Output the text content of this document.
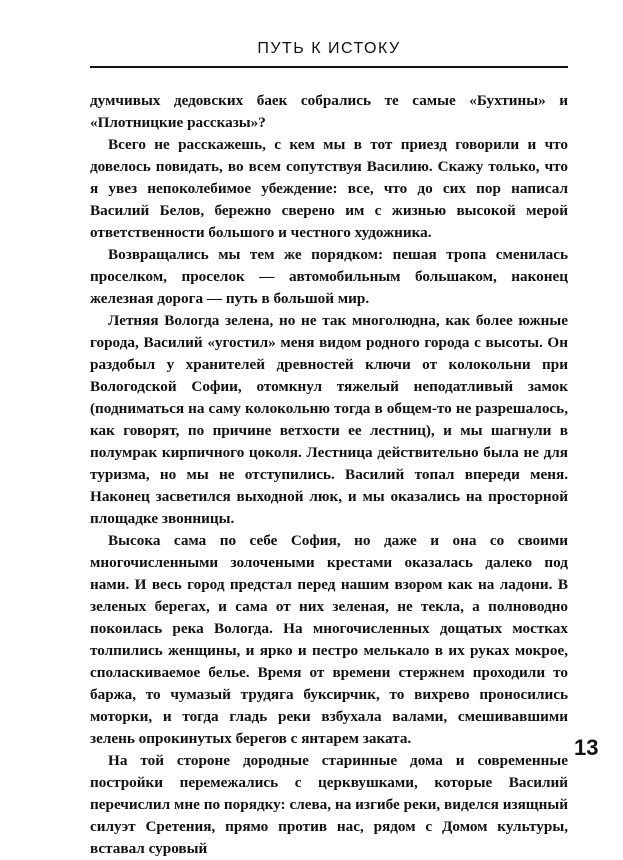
ПУТЬ К ИСТОКУ

думчивых дедовских баек собрались те самые «Бухтины» и «Плотницкие рассказы»?

Всего не расскажешь, с кем мы в тот приезд говорили и что довелось повидать, во всем сопутствуя Василию. Скажу только, что я увез непоколебимое убеждение: все, что до сих пор написал Василий Белов, бережно сверено им с жизнью высокой мерой ответственности большого и честного художника.

Возвращались мы тем же порядком: пешая тропа сменилась проселком, проселок — автомобильным большаком, наконец железная дорога — путь в большой мир.

Летняя Вологда зелена, но не так многолюдна, как более южные города, Василий «угостил» меня видом родного города с высоты. Он раздобыл у хранителей древностей ключи от колокольни при Вологодской Софии, отомкнул тяжелый неподатливый замок (подниматься на саму колокольню тогда в общем-то не разрешалось, как говорят, по причине ветхости ее лестниц), и мы шагнули в полумрак кирпичного цоколя. Лестница действительно была не для туризма, но мы не отступились. Василий топал впереди меня. Наконец засветился выходной люк, и мы оказались на просторной площадке звонницы.

Высока сама по себе София, но даже и она со своими многочисленными золочеными крестами оказалась далеко под нами. И весь город предстал перед нашим взором как на ладони. В зеленых берегах, и сама от них зеленая, не текла, а полноводно покоилась река Вологда. На многочисленных дощатых мостках толпились женщины, и ярко и пестро мелькало в их руках мокрое, споласкиваемое белье. Время от времени стержнем проходили то баржа, то чумазый трудяга буксирчик, то вихрево проносились моторки, и тогда гладь реки взбухала валами, смешивавшими зелень опрокинутых берегов с янтарем заката.

На той стороне дородные старинные дома и современные постройки перемежались с церквушками, которые Василий перечислил мне по порядку: слева, на изгибе реки, виделся изящный силуэт Сретения, прямо против нас, рядом с Домом культуры, вставал суровый

13
